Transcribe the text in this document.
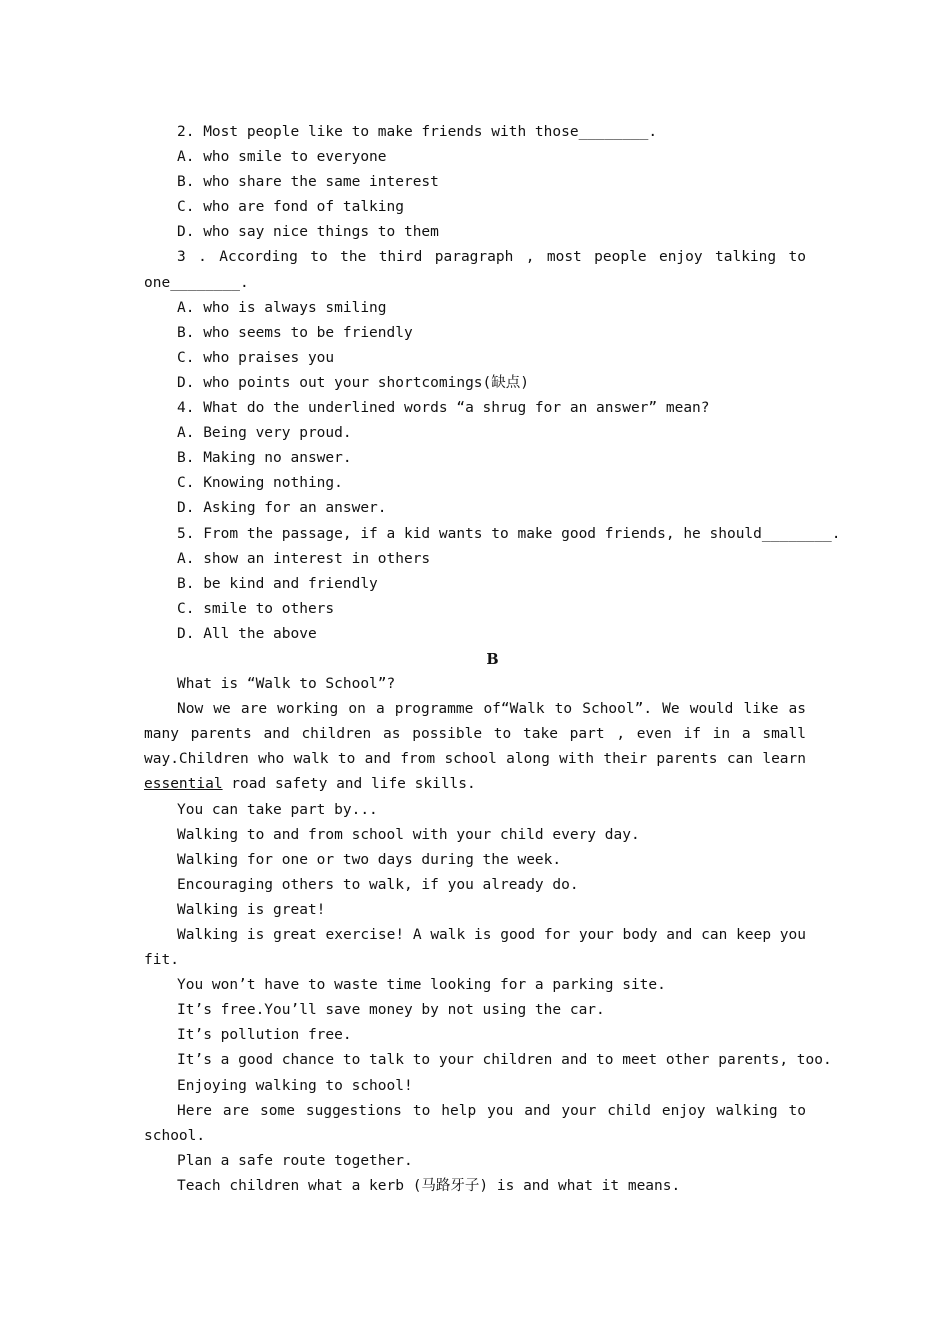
2. Most people like to make friends with those________.
A. who smile to everyone
B. who share the same interest
C. who are fond of talking
D. who say nice things to them
3 . According to the third paragraph , most people enjoy talking to
one________.
A. who is always smiling
B. who seems to be friendly
C. who praises you
D. who points out your shortcomings(缺点)
4. What do the underlined words “a shrug for an answer” mean?
A. Being very proud.
B. Making no answer.
C. Knowing nothing.
D. Asking for an answer.
5. From the passage, if a kid wants to make good friends, he should________.
A. show an interest in others
B. be kind and friendly
C. smile to others
D. All the above
B
What is “Walk to School”?
Now we are working on a programme of“Walk to School”. We would like as
many parents and children as possible to take part , even if in a small
way.Children who walk to and from school along with their parents can learn
essential road safety and life skills.
You can take part by...
Walking to and from school with your child every day.
Walking for one or two days during the week.
Encouraging others to walk, if you already do.
Walking is great!
Walking is great exercise! A walk is good for your body and can keep you
fit.
You won’t have to waste time looking for a parking site.
It’s free.You’ll save money by not using the car.
It’s pollution free.
It’s a good chance to talk to your children and to meet other parents, too.
Enjoying walking to school!
Here are some suggestions to help you and your child enjoy walking to
school.
Plan a safe route together.
Teach children what a kerb (马路牙子) is and what it means.
